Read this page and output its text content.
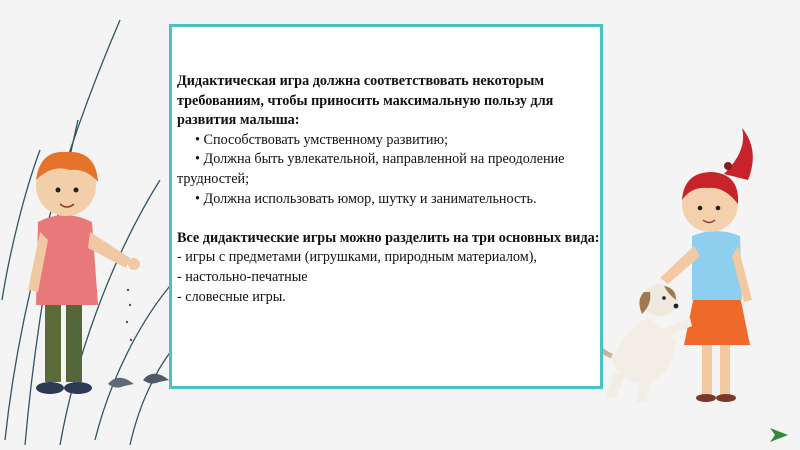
Дидактическая игра должна соответствовать некоторым требованиям, чтобы приносить максимальную пользу для развития малыша:

• Способствовать умственному развитию;

• Должна быть увлекательной, направленной на преодоление трудностей;

• Должна использовать юмор, шутку и занимательность.

Все дидактические игры можно разделить на три основных вида:

- игры с предметами (игрушками, природным материалом),

- настольно-печатные

- словесные игры.
